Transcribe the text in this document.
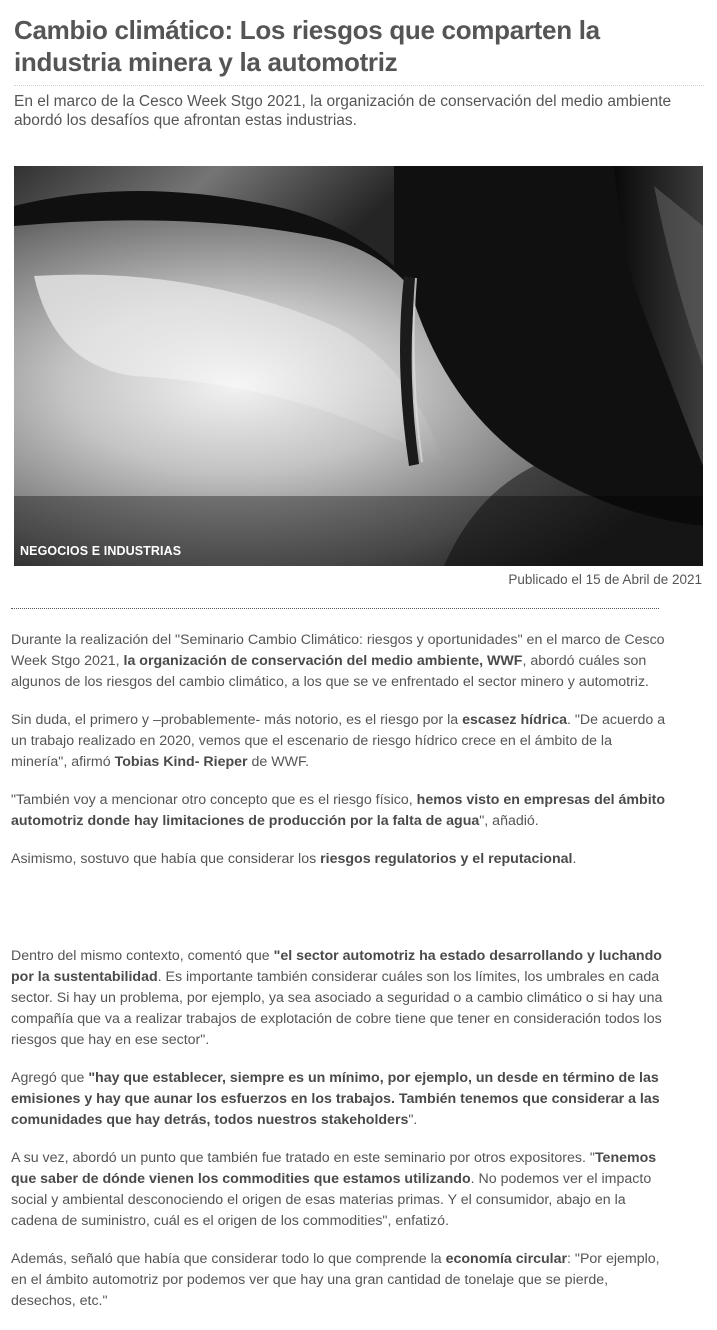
Cambio climático: Los riesgos que comparten la industria minera y la automotriz

En el marco de la Cesco Week Stgo 2021, la organización de conservación del medio ambiente abordó los desafíos que afrontan estas industrias.

NEGOCIOS E INDUSTRIAS
Publicado el 15 de Abril de 2021

Durante la realización del "Seminario Cambio Climático: riesgos y oportunidades" en el marco de Cesco Week Stgo 2021, la organización de conservación del medio ambiente, WWF, abordó cuáles son algunos de los riesgos del cambio climático, a los que se ve enfrentado el sector minero y automotriz.

Sin duda, el primero y –probablemente- más notorio, es el riesgo por la escasez hídrica. "De acuerdo a un trabajo realizado en 2020, vemos que el escenario de riesgo hídrico crece en el ámbito de la minería", afirmó Tobias Kind- Rieper de WWF.

"También voy a mencionar otro concepto que es el riesgo físico, hemos visto en empresas del ámbito automotriz donde hay limitaciones de producción por la falta de agua", añadió.

Asimismo, sostuvo que había que considerar los riesgos regulatorios y el reputacional.

Dentro del mismo contexto, comentó que "el sector automotriz ha estado desarrollando y luchando por la sustentabilidad. Es importante también considerar cuáles son los límites, los umbrales en cada sector. Si hay un problema, por ejemplo, ya sea asociado a seguridad o a cambio climático o si hay una compañía que va a realizar trabajos de explotación de cobre tiene que tener en consideración todos los riesgos que hay en ese sector".

Agregó que "hay que establecer, siempre es un mínimo, por ejemplo, un desde en término de las emisiones y hay que aunar los esfuerzos en los trabajos. También tenemos que considerar a las comunidades que hay detrás, todos nuestros stakeholders".

A su vez, abordó un punto que también fue tratado en este seminario por otros expositores. "Tenemos que saber de dónde vienen los commodities que estamos utilizando. No podemos ver el impacto social y ambiental desconociendo el origen de esas materias primas. Y el consumidor, abajo en la cadena de suministro, cuál es el origen de los commodities", enfatizó.

Además, señaló que había que considerar todo lo que comprende la economía circular: "Por ejemplo, en el ámbito automotriz por podemos ver que hay una gran cantidad de tonelaje que se pierde, desechos, etc."
